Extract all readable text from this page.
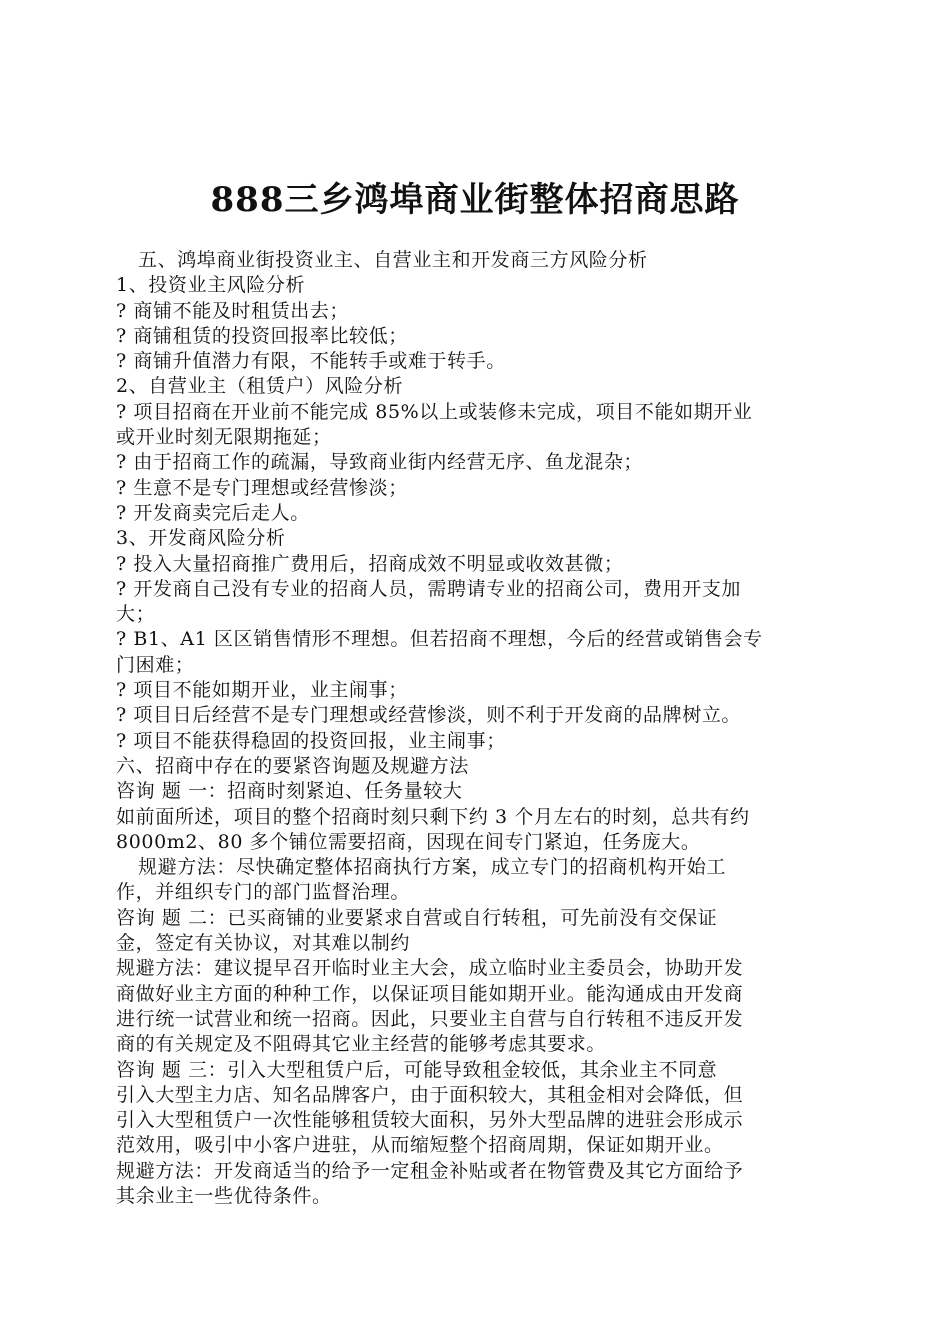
888三乡鸿埠商业街整体招商思路
五、鸿埠商业街投资业主、自营业主和开发商三方风险分析
1、投资业主风险分析
? 商铺不能及时租赁出去；
? 商铺租赁的投资回报率比较低；
? 商铺升值潜力有限，不能转手或难于转手。
2、自营业主（租赁户）风险分析
? 项目招商在开业前不能完成 85%以上或装修未完成，项目不能如期开业
或开业时刻无限期拖延；
? 由于招商工作的疏漏，导致商业街内经营无序、鱼龙混杂；
? 生意不是专门理想或经营惨淡；
? 开发商卖完后走人。
3、开发商风险分析
? 投入大量招商推广费用后，招商成效不明显或收效甚微；
? 开发商自己没有专业的招商人员，需聘请专业的招商公司，费用开支加
大；
? B1、A1 区区销售情形不理想。但若招商不理想，今后的经营或销售会专
门困难；
? 项目不能如期开业，业主闹事；
? 项目日后经营不是专门理想或经营惨淡，则不利于开发商的品牌树立。
? 项目不能获得稳固的投资回报，业主闹事；
六、招商中存在的要紧咨询题及规避方法
咨询 题 一：招商时刻紧迫、任务量较大
如前面所述，项目的整个招商时刻只剩下约 3 个月左右的时刻，总共有约
8000m2、80 多个铺位需要招商，因现在间专门紧迫，任务庞大。
规避方法：尽快确定整体招商执行方案，成立专门的招商机构开始工
作，并组织专门的部门监督治理。
咨询 题 二：已买商铺的业要紧求自营或自行转租，可先前没有交保证
金，签定有关协议，对其难以制约
规避方法：建议提早召开临时业主大会，成立临时业主委员会，协助开发
商做好业主方面的种种工作，以保证项目能如期开业。能沟通成由开发商
进行统一试营业和统一招商。因此，只要业主自营与自行转租不违反开发
商的有关规定及不阻碍其它业主经营的能够考虑其要求。
咨询 题 三：引入大型租赁户后，可能导致租金较低，其余业主不同意
引入大型主力店、知名品牌客户，由于面积较大，其租金相对会降低，但
引入大型租赁户一次性能够租赁较大面积，另外大型品牌的进驻会形成示
范效用，吸引中小客户进驻，从而缩短整个招商周期，保证如期开业。
规避方法：开发商适当的给予一定租金补贴或者在物管费及其它方面给予
其余业主一些优待条件。
